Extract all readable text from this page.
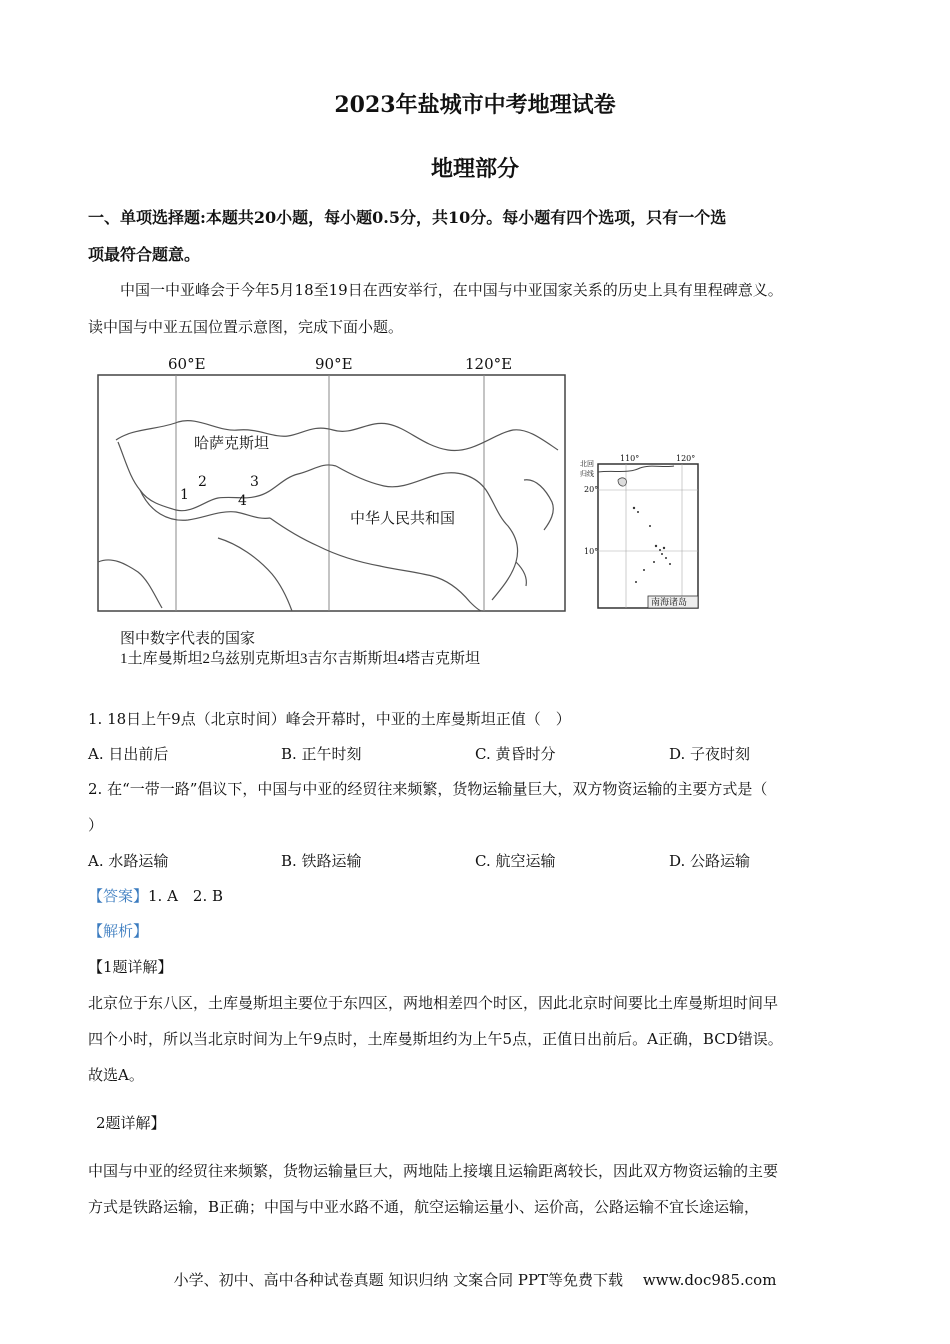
2023年盐城市中考地理试卷
地理部分
一、单项选择题:本题共20小题，每小题0.5分，共10分。每小题有四个选项，只有一个选
项最符合题意。
中国一中亚峰会于今年5月18至19日在西安举行，在中国与中亚国家关系的历史上具有里程碑意义。
读中国与中亚五国位置示意图，完成下面小题。
60°E	90°E	120°E
哈萨克斯坦
中华人民共和国
1
2	3
4
110°	120°
北回
归线
20°
10°
南海诸岛
图中数字代表的国家
1土库曼斯坦2乌兹别克斯坦3吉尔吉斯斯坦4塔吉克斯坦
1. 18日上午9点（北京时间）峰会开幕时，中亚的土库曼斯坦正值（　）
A. 日出前后	B. 正午时刻	C. 黄昏时分	D. 子夜时刻
2. 在“一带一路”倡议下，中国与中亚的经贸往来频繁，货物运输量巨大，双方物资运输的主要方式是（
）
A. 水路运输	B. 铁路运输	C. 航空运输	D. 公路运输
【答案】1. A　2. B
【解析】
【1题详解】
北京位于东八区，土库曼斯坦主要位于东四区，两地相差四个时区，因此北京时间要比土库曼斯坦时间早
四个小时，所以当北京时间为上午9点时，土库曼斯坦约为上午5点，正值日出前后。A正确，BCD错误。
故选A。
2题详解】
中国与中亚的经贸往来频繁，货物运输量巨大，两地陆上接壤且运输距离较长，因此双方物资运输的主要
方式是铁路运输，B正确；中国与中亚水路不通，航空运输运量小、运价高，公路运输不宜长途运输，
小学、初中、高中各种试卷真题 知识归纳 文案合同 PPT等免费下载　 www.doc985.com
